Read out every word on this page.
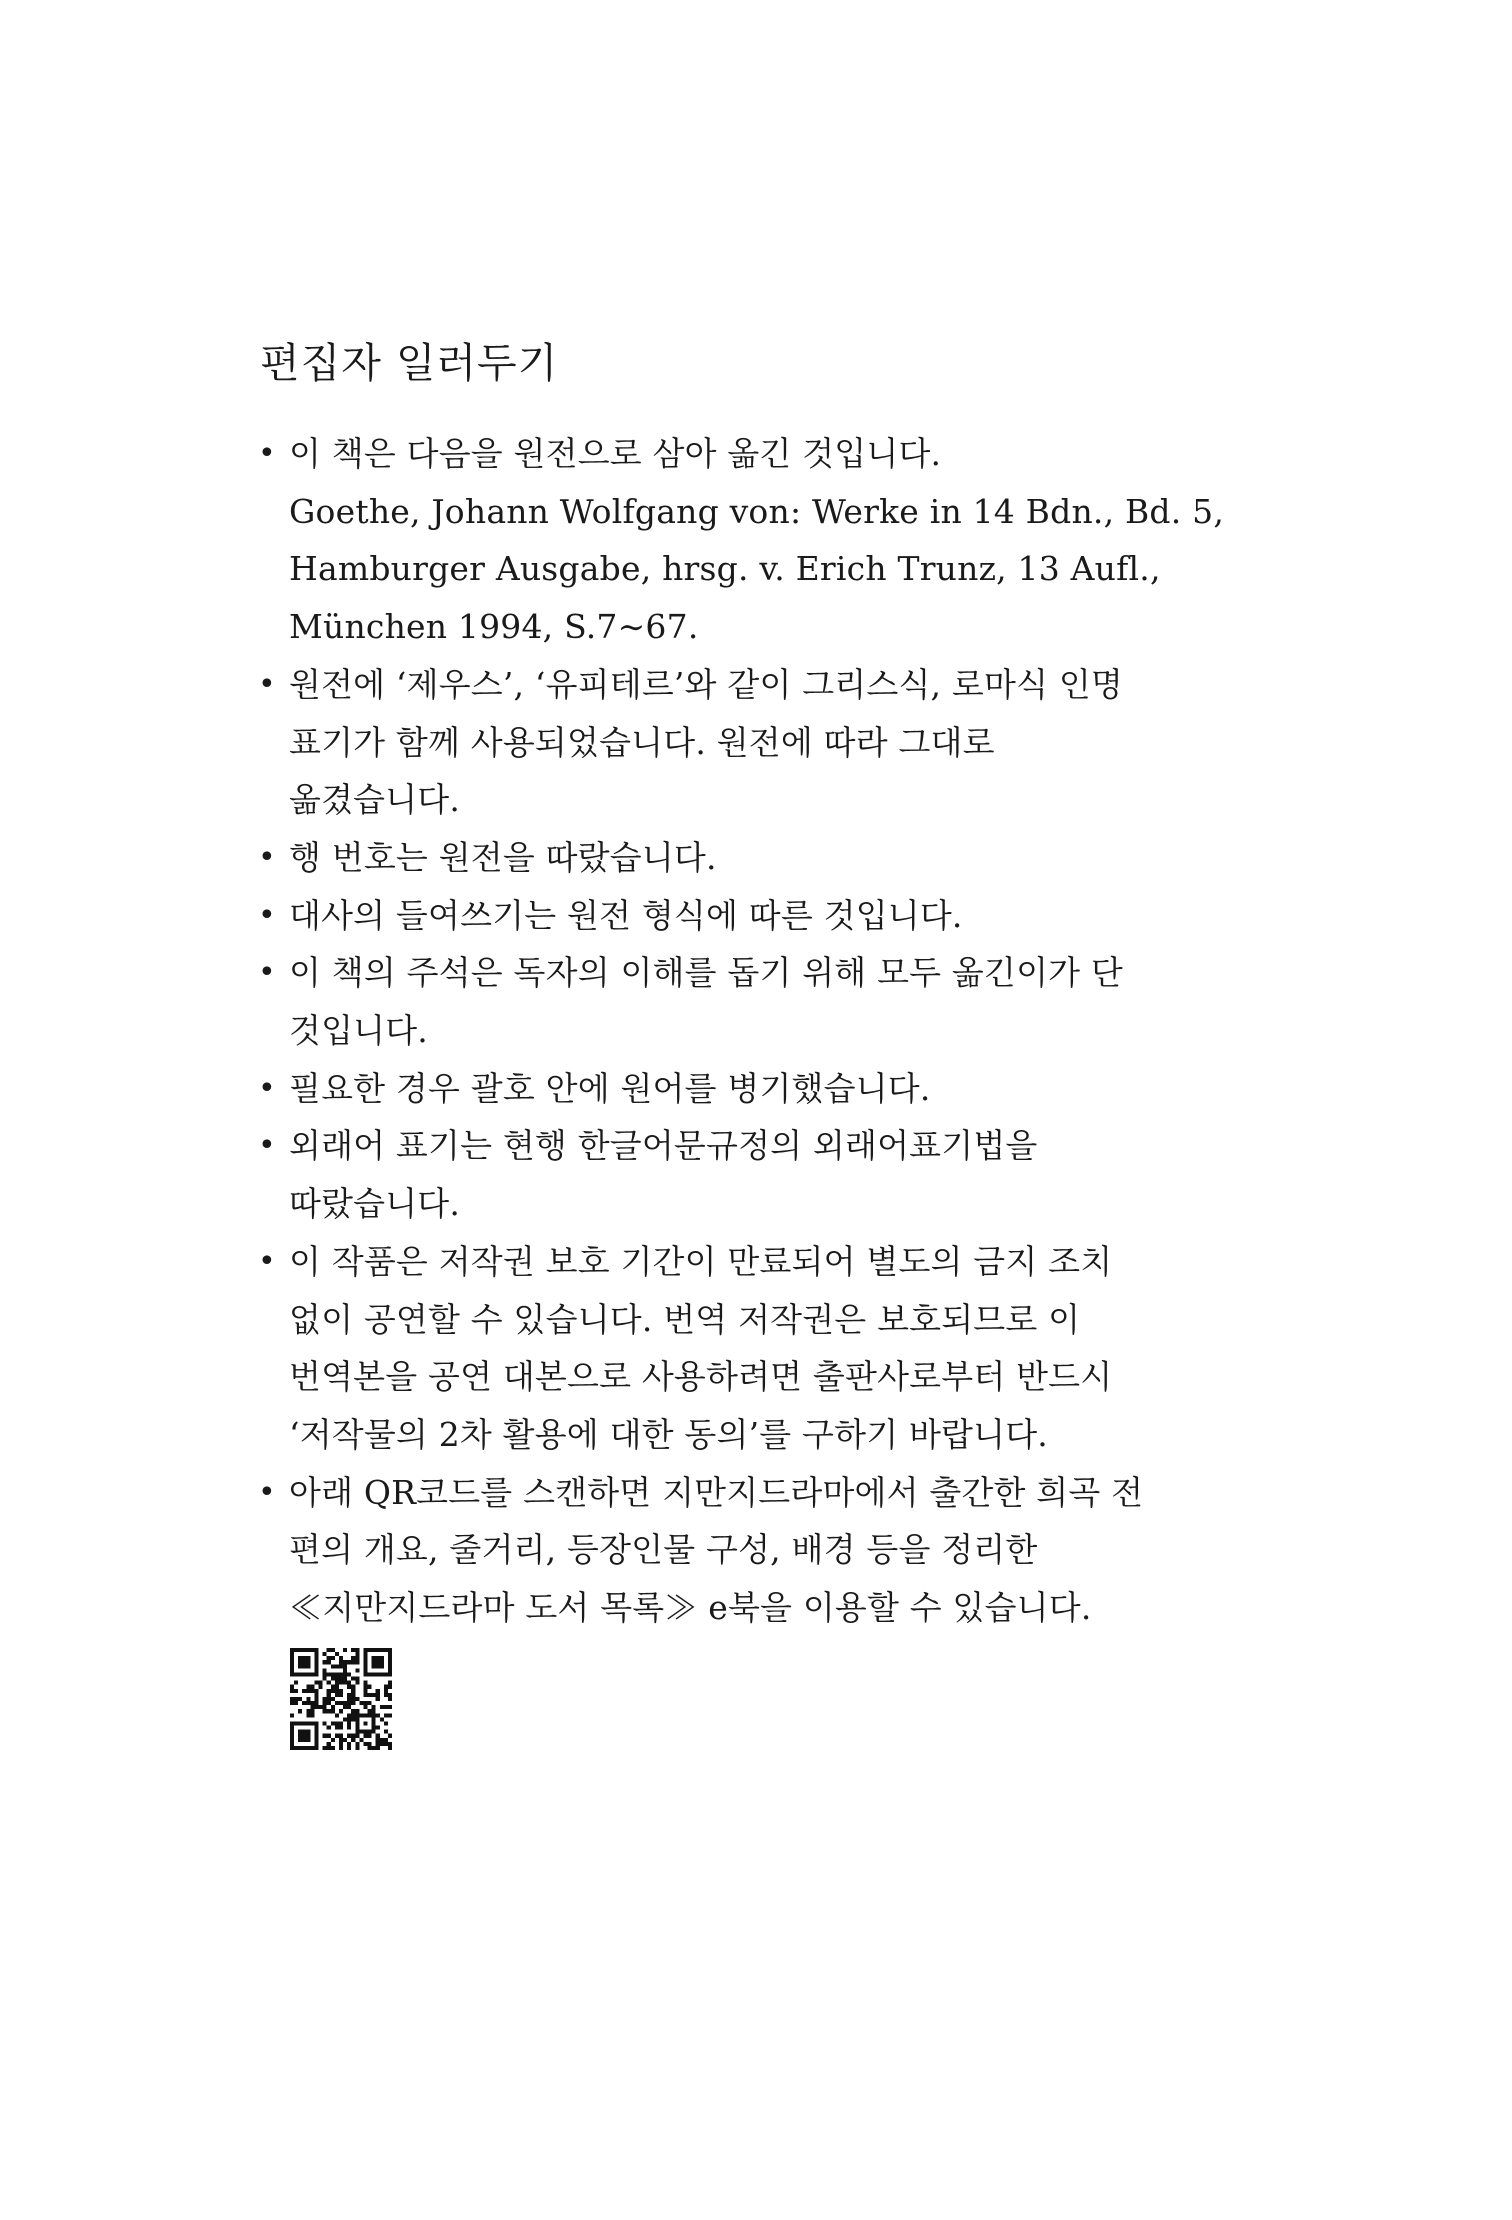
편집자 일러두기
• 이 책은 다음을 원전으로 삼아 옮긴 것입니다.
Goethe, Johann Wolfgang von: Werke in 14 Bdn., Bd. 5,
Hamburger Ausgabe, hrsg. v. Erich Trunz, 13 Aufl.,
München 1994, S.7∼67.
• 원전에 ‘제우스’, ‘유피테르’와 같이 그리스식, 로마식 인명
표기가 함께 사용되었습니다. 원전에 따라 그대로
옮겼습니다.
• 행 번호는 원전을 따랐습니다.
• 대사의 들여쓰기는 원전 형식에 따른 것입니다.
• 이 책의 주석은 독자의 이해를 돕기 위해 모두 옮긴이가 단
것입니다.
• 필요한 경우 괄호 안에 원어를 병기했습니다.
• 외래어 표기는 현행 한글어문규정의 외래어표기법을
따랐습니다.
• 이 작품은 저작권 보호 기간이 만료되어 별도의 금지 조치
없이 공연할 수 있습니다. 번역 저작권은 보호되므로 이
번역본을 공연 대본으로 사용하려면 출판사로부터 반드시
‘저작물의 2차 활용에 대한 동의’를 구하기 바랍니다.
• 아래 QR코드를 스캔하면 지만지드라마에서 출간한 희곡 전
편의 개요, 줄거리, 등장인물 구성, 배경 등을 정리한
≪지만지드라마 도서 목록≫ e북을 이용할 수 있습니다.
